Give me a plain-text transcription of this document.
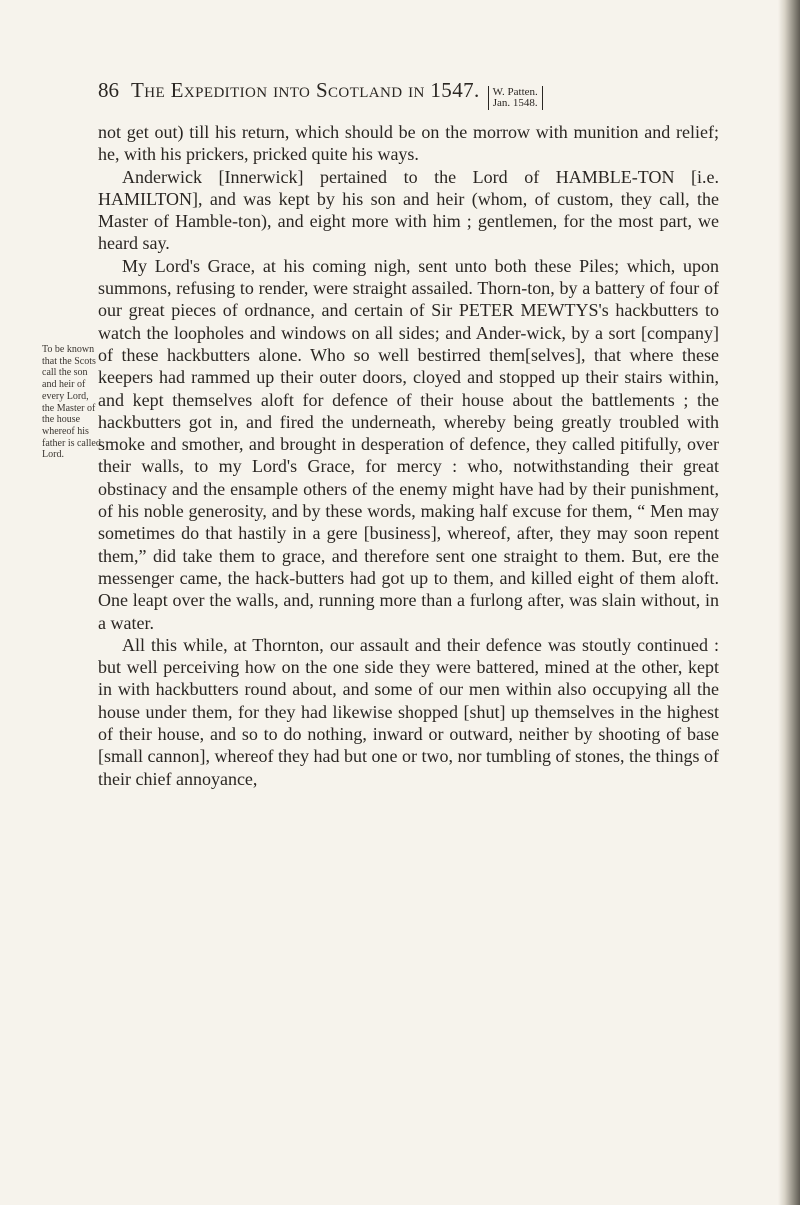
86 The Expedition into Scotland in 1547. W. Patten.
Jan. 1548.
To be known
that the Scots
call the son
and heir of
every Lord,
the Master of
the house
whereof his
father is called
Lord.

not get out) till his return, which should be on the morrow with munition and relief; he, with his prickers, pricked quite his ways.

Anderwick [Innerwick] pertained to the Lord of HAMBLE-TON [i.e. HAMILTON], and was kept by his son and heir (whom, of custom, they call, the Master of Hamble-ton), and eight more with him ; gentlemen, for the most part, we heard say.

My Lord's Grace, at his coming nigh, sent unto both these Piles; which, upon summons, refusing to render, were straight assailed. Thorn-ton, by a battery of four of our great pieces of ordnance, and certain of Sir PETER MEWTYS's hackbutters to watch the loopholes and windows on all sides; and Ander-wick, by a sort [company] of these hackbutters alone. Who so well bestirred them[selves], that where these keepers had rammed up their outer doors, cloyed and stopped up their stairs within, and kept themselves aloft for defence of their house about the battlements ; the hackbutters got in, and fired the underneath, whereby being greatly troubled with smoke and smother, and brought in desperation of defence, they called pitifully, over their walls, to my Lord's Grace, for mercy : who, notwithstanding their great obstinacy and the ensample others of the enemy might have had by their punishment, of his noble generosity, and by these words, making half excuse for them, “ Men may sometimes do that hastily in a gere [business], whereof, after, they may soon repent them,” did take them to grace, and therefore sent one straight to them. But, ere the messenger came, the hack-butters had got up to them, and killed eight of them aloft. One leapt over the walls, and, running more than a furlong after, was slain without, in a water.

All this while, at Thornton, our assault and their defence was stoutly continued : but well perceiving how on the one side they were battered, mined at the other, kept in with hackbutters round about, and some of our men within also occupying all the house under them, for they had likewise shopped [shut] up themselves in the highest of their house, and so to do nothing, inward or outward, neither by shooting of base [small cannon], whereof they had but one or two, nor tumbling of stones, the things of their chief annoyance,
